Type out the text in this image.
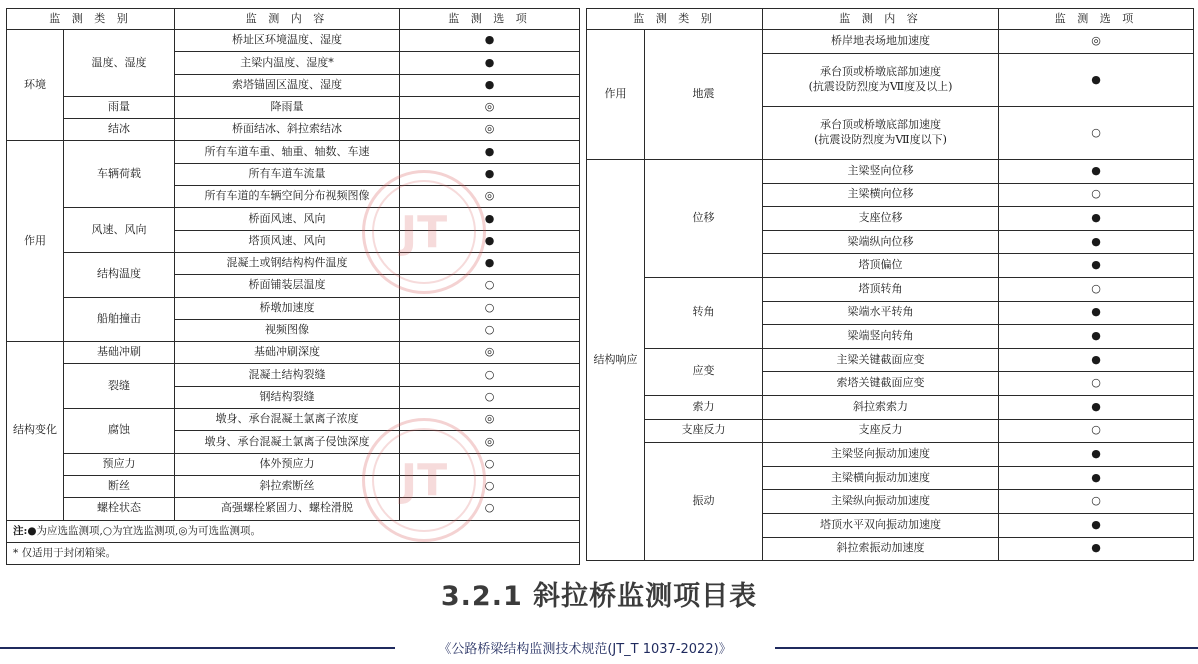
监 测 类 别		监 测 内 容	监 测 选 项
环境	温度、湿度	桥址区环境温度、湿度	●
		主梁内温度、湿度*	●
		索塔锚固区温度、湿度	●
	雨量	降雨量	◎
	结冰	桥面结冰、斜拉索结冰	◎
作用	车辆荷载	所有车道车重、轴重、轴数、车速	●
		所有车道车流量	●
		所有车道的车辆空间分布视频图像	◎
	风速、风向	桥面风速、风向	●
		塔顶风速、风向	●
	结构温度	混凝土或钢结构构件温度	●
		桥面铺装层温度	○
	船舶撞击	桥墩加速度	○
		视频图像	○
结构变化	基础冲刷	基础冲刷深度	◎
	裂缝	混凝土结构裂缝	○
		钢结构裂缝	○
	腐蚀	墩身、承台混凝土氯离子浓度	◎
		墩身、承台混凝土氯离子侵蚀深度	◎
	预应力	体外预应力	○
	断丝	斜拉索断丝	○
	螺栓状态	高强螺栓紧固力、螺栓滑脱	○
注:●为应选监测项,○为宜选监测项,◎为可选监测项。			
* 仅适用于封闭箱梁。			
监 测 类 别		监 测 内 容	监 测 选 项
作用	地震	桥岸地表场地加速度	◎

		承台顶或桥墩底部加速度
(抗震设防烈度为Ⅶ度及以上)	●

		承台顶或桥墩底部加速度
(抗震设防烈度为Ⅶ度以下)	○
结构响应	位移	主梁竖向位移	●
		主梁横向位移	○
		支座位移	●
		梁端纵向位移	●
		塔顶偏位	●
	转角	塔顶转角	○
		梁端水平转角	●
		梁端竖向转角	●
	应变	主梁关键截面应变	●
		索塔关键截面应变	○
	索力	斜拉索索力	●
	支座反力	支座反力	○
	振动	主梁竖向振动加速度	●
		主梁横向振动加速度	●
		主梁纵向振动加速度	○
		塔顶水平双向振动加速度	●
		斜拉索振动加速度	●
JT
JT
3.2.1 斜拉桥监测项目表
《公路桥梁结构监测技术规范(JT_T 1037-2022)》
